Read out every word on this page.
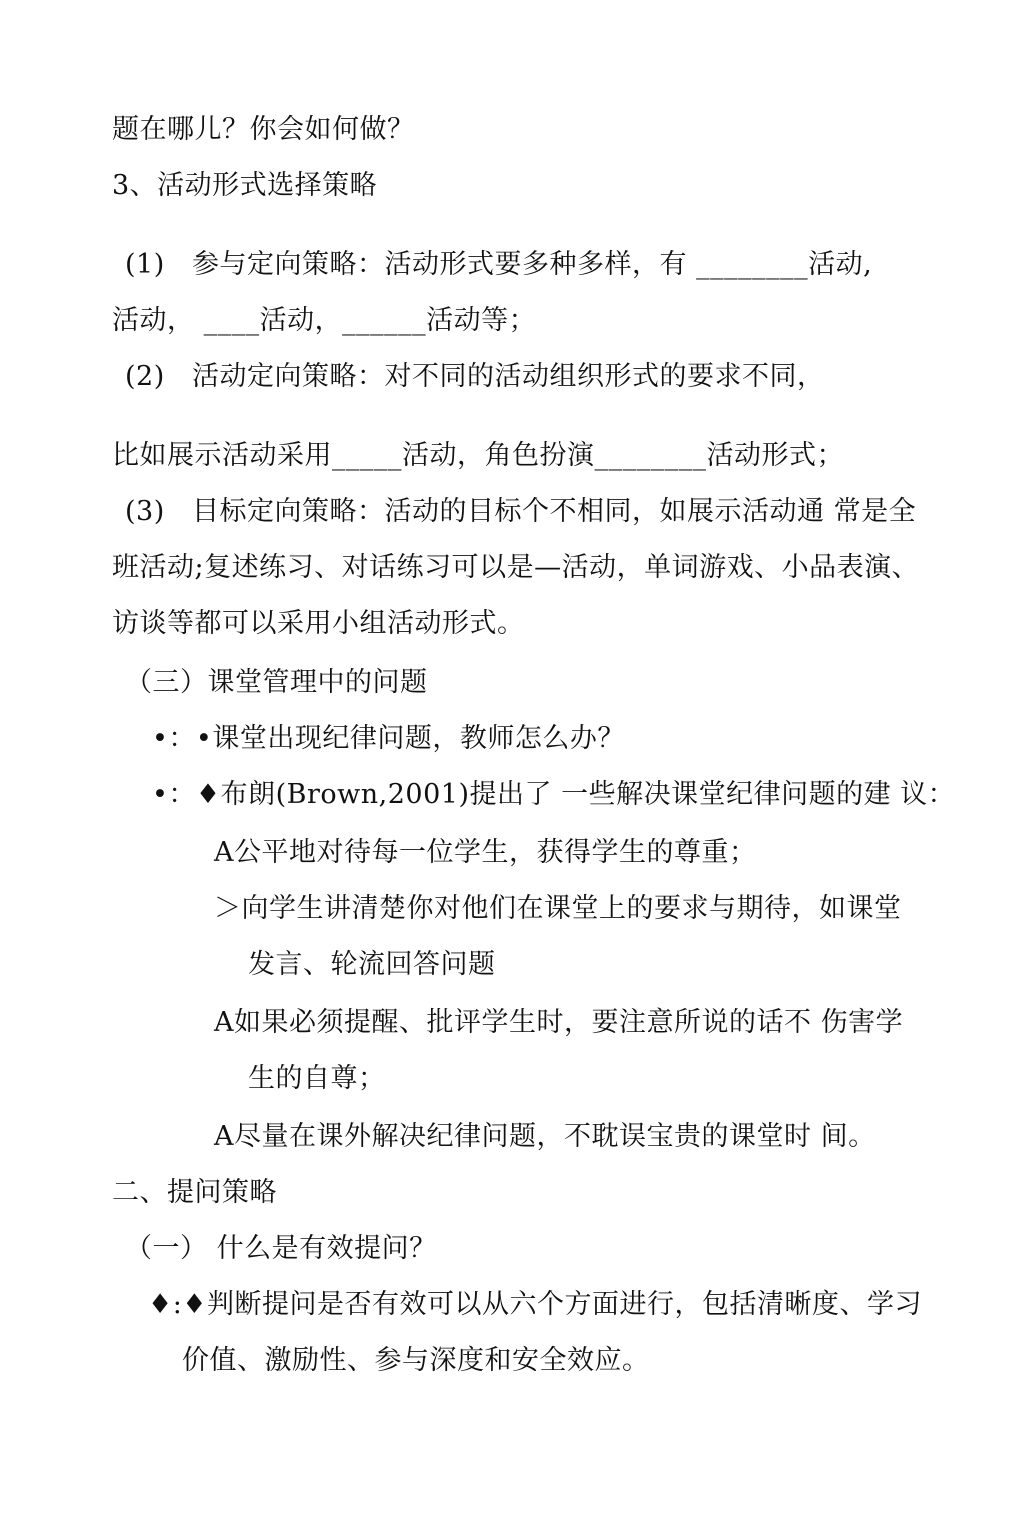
题在哪儿？你会如何做？
3、活动形式选择策略
(1)   参与定向策略：活动形式要多种多样，有 ________活动,
活动， ____活动，______活动等；
(2)   活动定向策略：对不同的活动组织形式的要求不同，
比如展示活动采用_____活动，角色扮演________活动形式；
(3)   目标定向策略：活动的目标个不相同，如展示活动通 常是全
班活动;复述练习、对话练习可以是—活动，单词游戏、小品表演、
访谈等都可以采用小组活动形式。
（三）课堂管理中的问题
•：•课堂出现纪律问题，教师怎么办？
•：♦布朗(Brown,2001)提出了 一些解决课堂纪律问题的建 议：
A公平地对待每一位学生，获得学生的尊重；
＞向学生讲清楚你对他们在课堂上的要求与期待，如课堂
发言、轮流回答问题
A如果必须提醒、批评学生时，要注意所说的话不 伤害学
生的自尊；
A尽量在课外解决纪律问题，不耽误宝贵的课堂时 间。
二、提问策略
（一） 什么是有效提问？
♦:♦判断提问是否有效可以从六个方面进行，包括清晰度、学习
价值、激励性、参与深度和安全效应。
